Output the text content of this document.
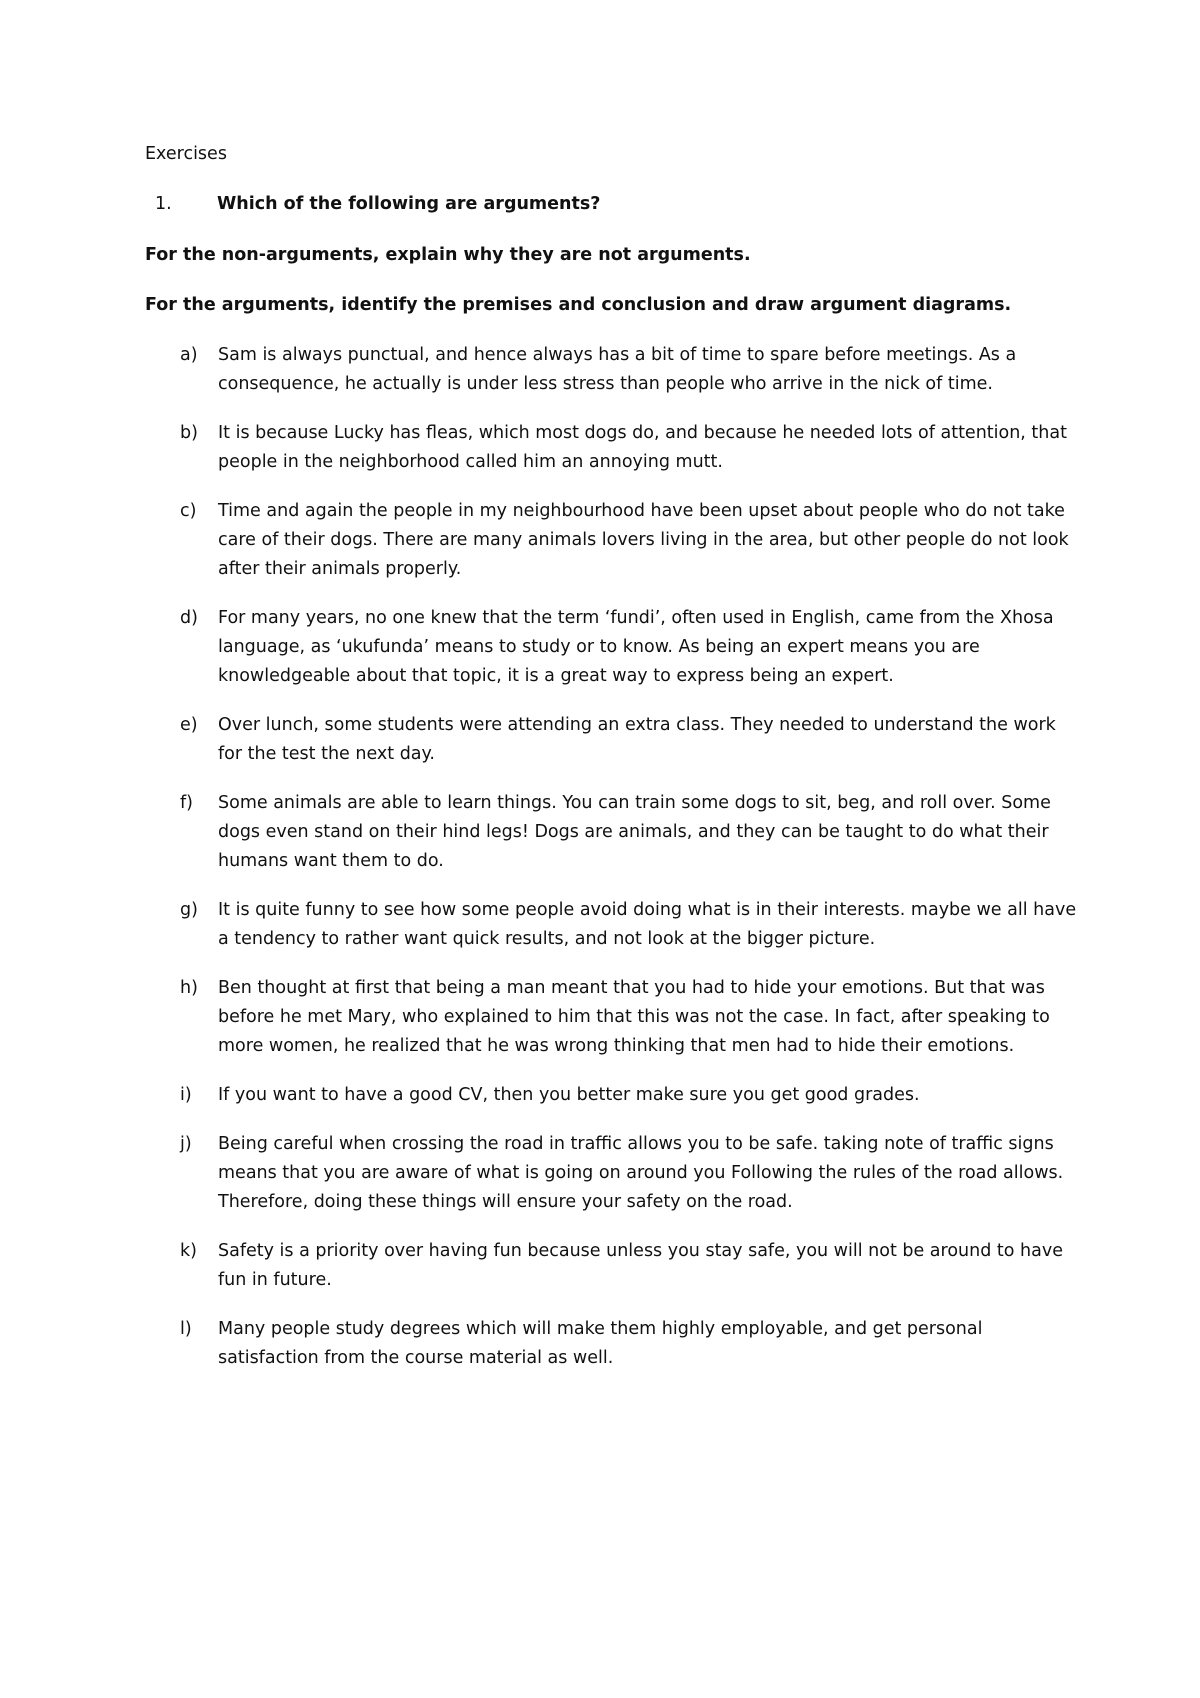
Exercises
1.	Which of the following are arguments?
For the non-arguments, explain why they are not arguments.
For the arguments, identify the premises and conclusion and draw argument diagrams.
a) Sam is always punctual, and hence always has a bit of time to spare before meetings. As a consequence, he actually is under less stress than people who arrive in the nick of time.
b) It is because Lucky has fleas, which most dogs do, and because he needed lots of attention, that people in the neighborhood called him an annoying mutt.
c) Time and again the people in my neighbourhood have been upset about people who do not take care of their dogs. There are many animals lovers living in the area, but other people do not look after their animals properly.
d) For many years, no one knew that the term ‘fundi’, often used in English, came from the Xhosa language, as ‘ukufunda’ means to study or to know. As being an expert means you are knowledgeable about that topic, it is a great way to express being an expert.
e) Over lunch, some students were attending an extra class. They needed to understand the work for the test the next day.
f) Some animals are able to learn things. You can train some dogs to sit, beg, and roll over. Some dogs even stand on their hind legs! Dogs are animals, and they can be taught to do what their humans want them to do.
g) It is quite funny to see how some people avoid doing what is in their interests. maybe we all have a tendency to rather want quick results, and not look at the bigger picture.
h) Ben thought at first that being a man meant that you had to hide your emotions. But that was before he met Mary, who explained to him that this was not the case. In fact, after speaking to more women, he realized that he was wrong thinking that men had to hide their emotions.
i) If you want to have a good CV, then you better make sure you get good grades.
j) Being careful when crossing the road in traffic allows you to be safe. taking note of traffic signs means that you are aware of what is going on around you Following the rules of the road allows. Therefore, doing these things will ensure your safety on the road.
k) Safety is a priority over having fun because unless you stay safe, you will not be around to have fun in future.
l) Many people study degrees which will make them highly employable, and get personal satisfaction from the course material as well.
